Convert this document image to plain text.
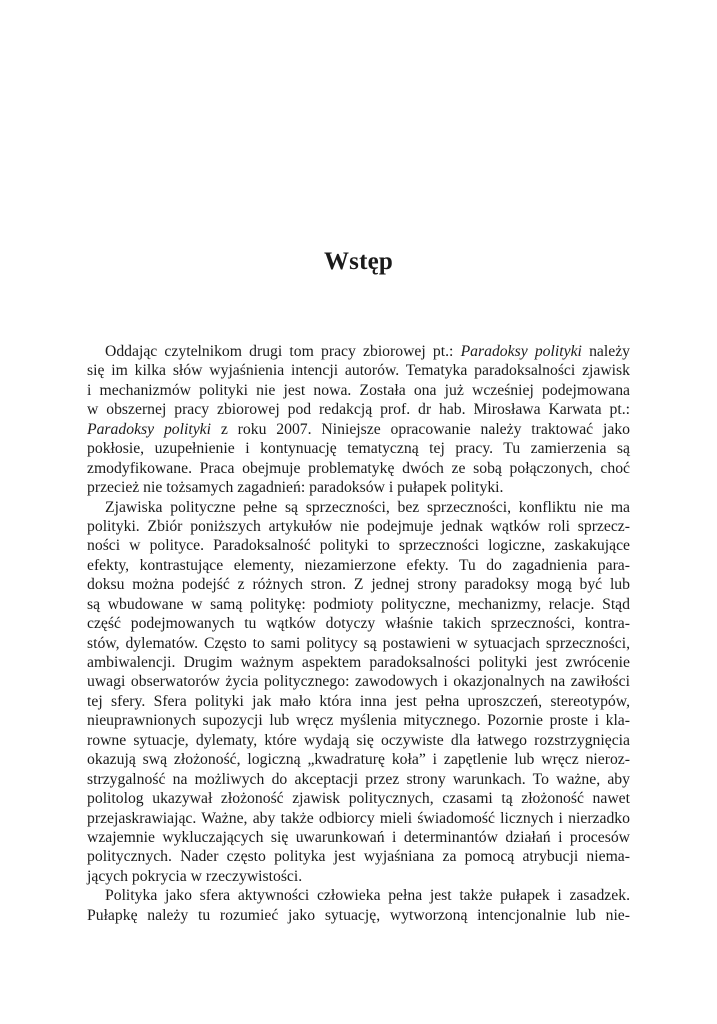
Wstęp
Oddając czytelnikom drugi tom pracy zbiorowej pt.: Paradoksy polityki należy
się im kilka słów wyjaśnienia intencji autorów. Tematyka paradoksalności zjawisk
i mechanizmów polityki nie jest nowa. Została ona już wcześniej podejmowana
w obszernej pracy zbiorowej pod redakcją prof. dr hab. Mirosława Karwata pt.:
Paradoksy polityki z roku 2007. Niniejsze opracowanie należy traktować jako
pokłosie, uzupełnienie i kontynuację tematyczną tej pracy. Tu zamierzenia są
zmodyfikowane. Praca obejmuje problematykę dwóch ze sobą połączonych, choć
przecież nie tożsamych zagadnień: paradoksów i pułapek polityki.
Zjawiska polityczne pełne są sprzeczności, bez sprzeczności, konfliktu nie ma
polityki. Zbiór poniższych artykułów nie podejmuje jednak wątków roli sprzecz-
ności w polityce. Paradoksalność polityki to sprzeczności logiczne, zaskakujące
efekty, kontrastujące elementy, niezamierzone efekty. Tu do zagadnienia para-
doksu można podejść z różnych stron. Z jednej strony paradoksy mogą być lub
są wbudowane w samą politykę: podmioty polityczne, mechanizmy, relacje. Stąd
część podejmowanych tu wątków dotyczy właśnie takich sprzeczności, kontra-
stów, dylematów. Często to sami politycy są postawieni w sytuacjach sprzeczności,
ambiwalencji. Drugim ważnym aspektem paradoksalności polityki jest zwrócenie
uwagi obserwatorów życia politycznego: zawodowych i okazjonalnych na zawiłości
tej sfery. Sfera polityki jak mało która inna jest pełna uproszczeń, stereotypów,
nieuprawnionych supozycji lub wręcz myślenia mitycznego. Pozornie proste i kla-
rowne sytuacje, dylematy, które wydają się oczywiste dla łatwego rozstrzygnięcia
okazują swą złożoność, logiczną „kwadraturę koła” i zapętlenie lub wręcz nieroz-
strzygalność na możliwych do akceptacji przez strony warunkach. To ważne, aby
politolog ukazywał złożoność zjawisk politycznych, czasami tą złożoność nawet
przejaskrawiając. Ważne, aby także odbiorcy mieli świadomość licznych i nierzadko
wzajemnie wykluczających się uwarunkowań i determinantów działań i procesów
politycznych. Nader często polityka jest wyjaśniana za pomocą atrybucji niema-
jących pokrycia w rzeczywistości.
Polityka jako sfera aktywności człowieka pełna jest także pułapek i zasadzek.
Pułapkę należy tu rozumieć jako sytuację, wytworzoną intencjonalnie lub nie-
